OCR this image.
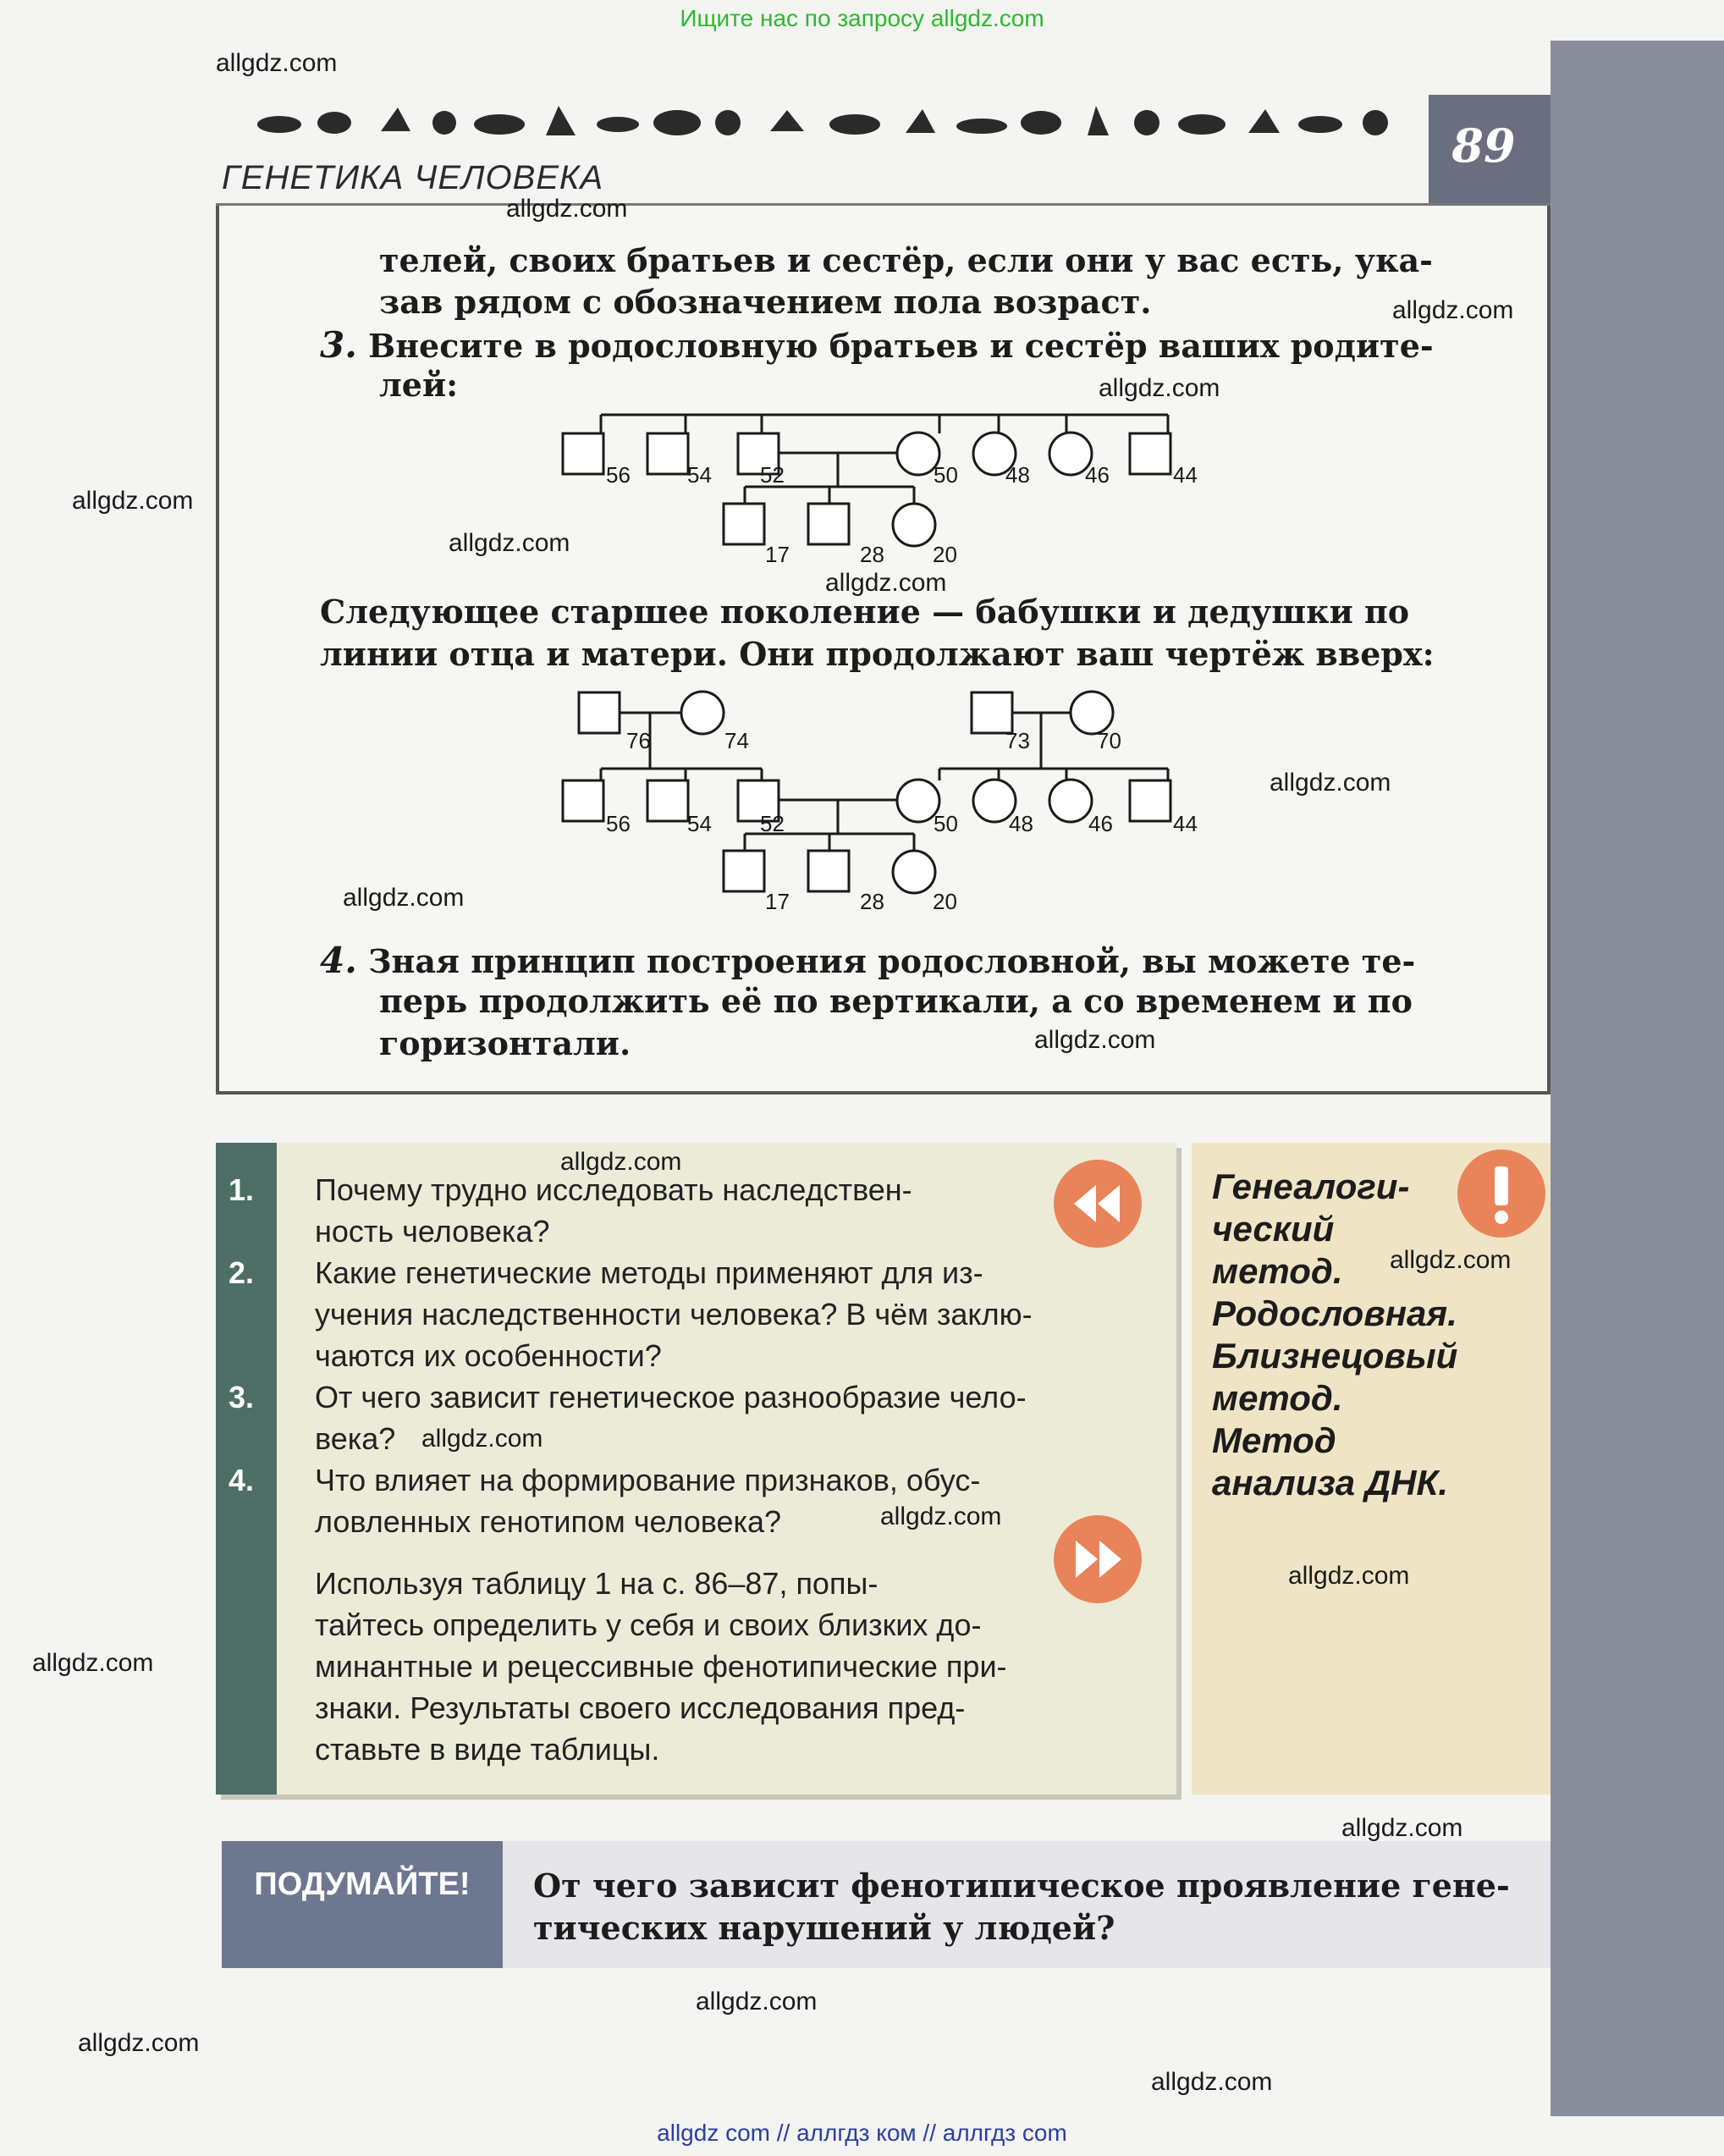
Ищите нас по запросу allgdz.com
89
ГЕНЕТИКА ЧЕЛОВЕКА
телей, своих братьев и сестёр, если они у вас есть, ука-
зав рядом с обозначением пола возраст.
3. Внесите в родословную братьев и сестёр ваших родите-
лей:
56	54 52	50 48	46	44
17	28 20
Следующее старшее поколение — бабушки и дедушки по
линии отца и матери. Они продолжают ваш чертёж вверх:
76	74	73	70
56	54 52	50 48	46	44
17	28 20
4. Зная принцип построения родословной, вы можете те-
перь продолжить её по вертикали, а со временем и по
горизонтали.
1. Почему трудно исследовать наследствен-
ность человека?
2. Какие генетические методы применяют для из-
учения наследственности человека? В чём заклю-
чаются их особенности?
3. От чего зависит генетическое разнообразие чело-
века?
4. Что влияет на формирование признаков, обус-
ловленных генотипом человека?
Используя таблицу 1 на с. 86–87, попы-
тайтесь определить у себя и своих близких до-
минантные и рецессивные фенотипические при-
знаки. Результаты своего исследования пред-
ставьте в виде таблицы.
Генеалоги-
ческий
метод.
Родословная.
Близнецовый
метод.
Метод
анализа ДНК.
ПОДУМАЙТЕ!	От чего зависит фенотипическое проявление гене-
тических нарушений у людей?
allgdz.com
allgdz.com
allgdz.com
allgdz.com
allgdz.com
allgdz.com
allgdz.com
allgdz.com
allgdz.com
allgdz.com
allgdz.com
allgdz.com
allgdz.com
allgdz.com
allgdz.com
allgdz.com
allgdz.com
allgdz.com
allgdz.com
allgdz.com
allgdz com // аллгдз ком // аллгдз com
